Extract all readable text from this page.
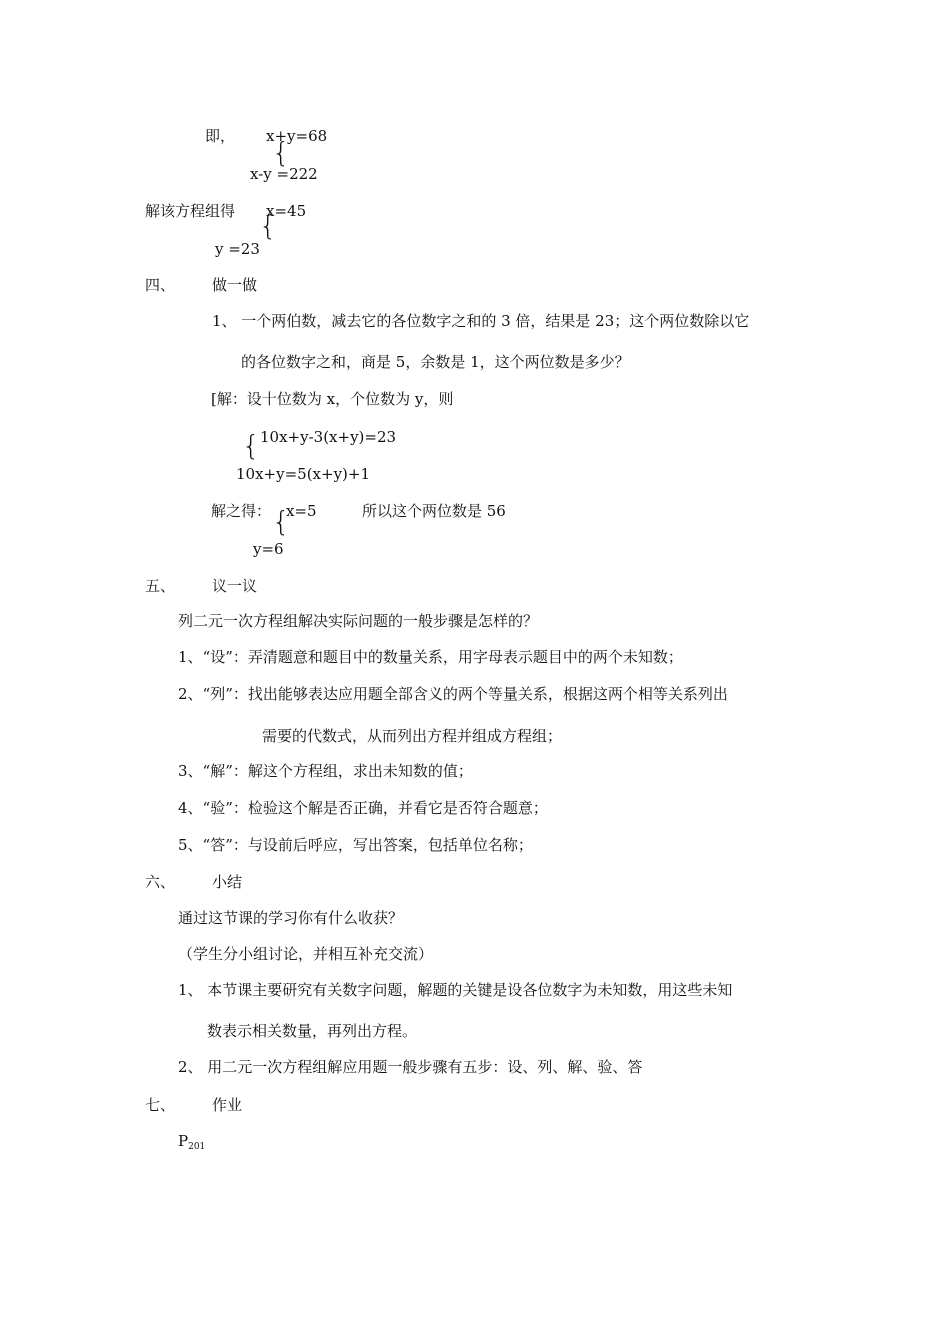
即， x+y=68
{
x-y =222
解该方程组得 x=45
{
y =23
四、 做一做
1、 一个两伯数，减去它的各位数字之和的 3 倍，结果是 23；这个两位数除以它
的各位数字之和，商是 5，余数是 1，这个两位数是多少？
[解：设十位数为 x，个位数为 y，则
{ 10x+y-3(x+y)=23
10x+y=5(x+y)+1
解之得： x=5
{	所以这个两位数是 56
y=6
五、 议一议
列二元一次方程组解决实际问题的一般步骤是怎样的？
1、“设”：弄清题意和题目中的数量关系，用字母表示题目中的两个未知数；
2、“列”：找出能够表达应用题全部含义的两个等量关系，根据这两个相等关系列出
需要的代数式，从而列出方程并组成方程组；
3、“解”：解这个方程组，求出未知数的值；
4、“验”：检验这个解是否正确，并看它是否符合题意；
5、“答”：与设前后呼应，写出答案，包括单位名称；
六、 小结
通过这节课的学习你有什么收获？
（学生分小组讨论，并相互补充交流）
1、 本节课主要研究有关数字问题，解题的关键是设各位数字为未知数，用这些未知
数表示相关数量，再列出方程。
2、 用二元一次方程组解应用题一般步骤有五步：设、列、解、验、答
七、 作业
$P_{201}$
